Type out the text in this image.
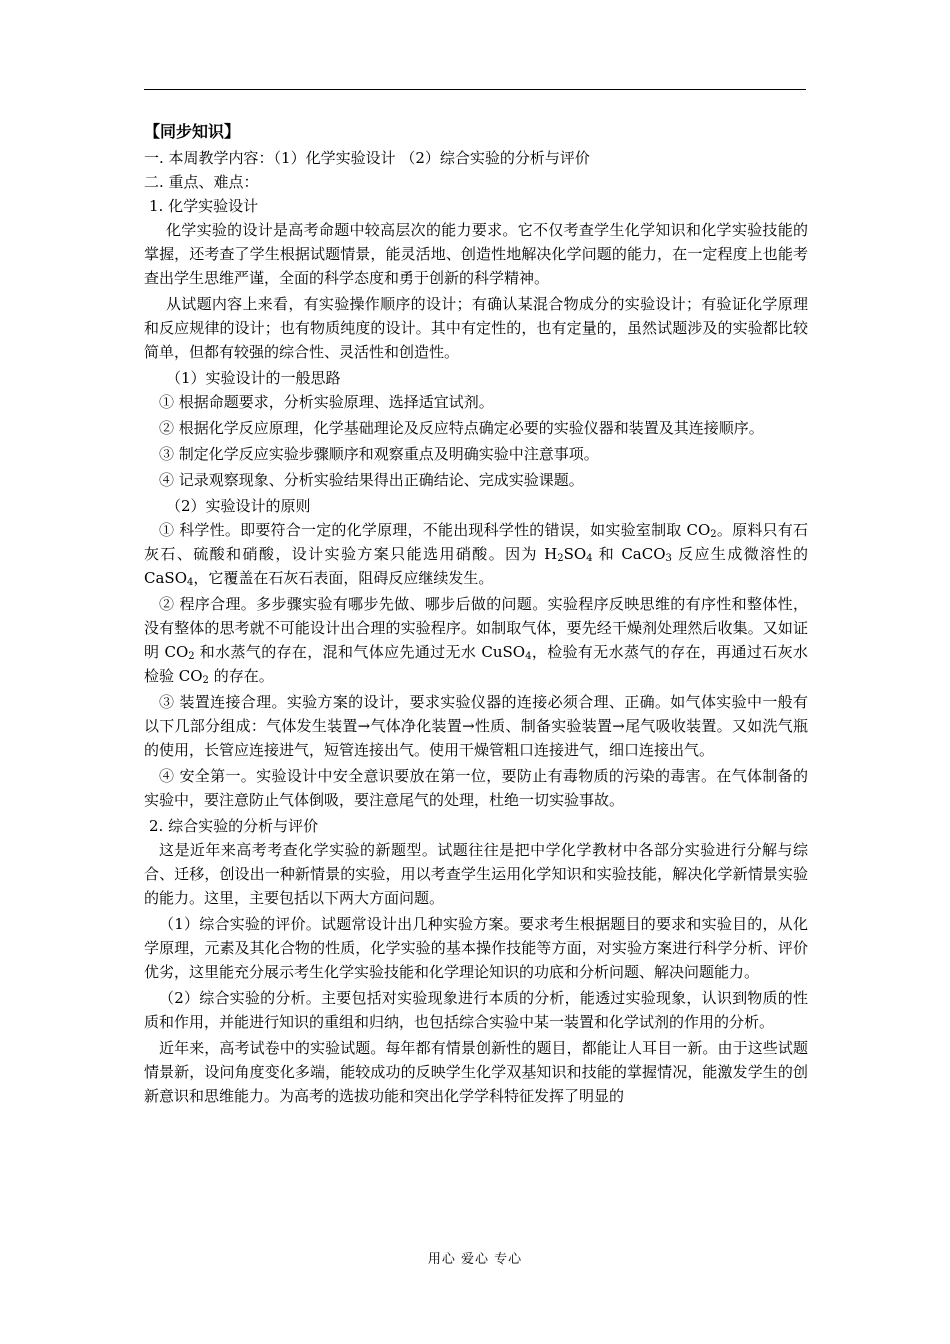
【同步知识】
一. 本周教学内容：（1）化学实验设计 （2）综合实验的分析与评价
二. 重点、难点：
1. 化学实验设计
化学实验的设计是高考命题中较高层次的能力要求。它不仅考查学生化学知识和化学实验技能的掌握，还考查了学生根据试题情景，能灵活地、创造性地解决化学问题的能力，在一定程度上也能考查出学生思维严谨，全面的科学态度和勇于创新的科学精神。
从试题内容上来看，有实验操作顺序的设计；有确认某混合物成分的实验设计；有验证化学原理和反应规律的设计；也有物质纯度的设计。其中有定性的，也有定量的，虽然试题涉及的实验都比较简单，但都有较强的综合性、灵活性和创造性。
（1）实验设计的一般思路
① 根据命题要求，分析实验原理、选择适宜试剂。
② 根据化学反应原理，化学基础理论及反应特点确定必要的实验仪器和装置及其连接顺序。
③ 制定化学反应实验步骤顺序和观察重点及明确实验中注意事项。
④ 记录观察现象、分析实验结果得出正确结论、完成实验课题。
（2）实验设计的原则
① 科学性。即要符合一定的化学原理，不能出现科学性的错误，如实验室制取 $CO_2$。原料只有石灰石、硫酸和硝酸，设计实验方案只能选用硝酸。因为 $H_2SO_4$ 和 CaCO$_3$ 反应生成微溶性的 CaSO$_4$，它覆盖在石灰石表面，阻碍反应继续发生。
② 程序合理。多步骤实验有哪步先做、哪步后做的问题。实验程序反映思维的有序性和整体性，没有整体的思考就不可能设计出合理的实验程序。如制取气体，要先经干燥剂处理然后收集。又如证明 $CO_2$ 和水蒸气的存在，混和气体应先通过无水 CuSO$_4$，检验有无水蒸气的存在，再通过石灰水检验 $CO_2$ 的存在。
③ 装置连接合理。实验方案的设计，要求实验仪器的连接必须合理、正确。如气体实验中一般有以下几部分组成：气体发生装置→气体净化装置→性质、制备实验装置→尾气吸收装置。又如洗气瓶的使用，长管应连接进气，短管连接出气。使用干燥管粗口连接进气，细口连接出气。
④ 安全第一。实验设计中安全意识要放在第一位，要防止有毒物质的污染的毒害。在气体制备的实验中，要注意防止气体倒吸，要注意尾气的处理，杜绝一切实验事故。
2. 综合实验的分析与评价
这是近年来高考考查化学实验的新题型。试题往往是把中学化学教材中各部分实验进行分解与综合、迁移，创设出一种新情景的实验，用以考查学生运用化学知识和实验技能，解决化学新情景实验的能力。这里，主要包括以下两大方面问题。
（1）综合实验的评价。试题常设计出几种实验方案。要求考生根据题目的要求和实验目的，从化学原理，元素及其化合物的性质，化学实验的基本操作技能等方面，对实验方案进行科学分析、评价优劣，这里能充分展示考生化学实验技能和化学理论知识的功底和分析问题、解决问题能力。
（2）综合实验的分析。主要包括对实验现象进行本质的分析，能透过实验现象，认识到物质的性质和作用，并能进行知识的重组和归纳，也包括综合实验中某一装置和化学试剂的作用的分析。
近年来，高考试卷中的实验试题。每年都有情景创新性的题目，都能让人耳目一新。由于这些试题情景新，设问角度变化多端，能较成功的反映学生化学双基知识和技能的掌握情况，能激发学生的创新意识和思维能力。为高考的选拔功能和突出化学学科特征发挥了明显的
用心 爱心 专心
